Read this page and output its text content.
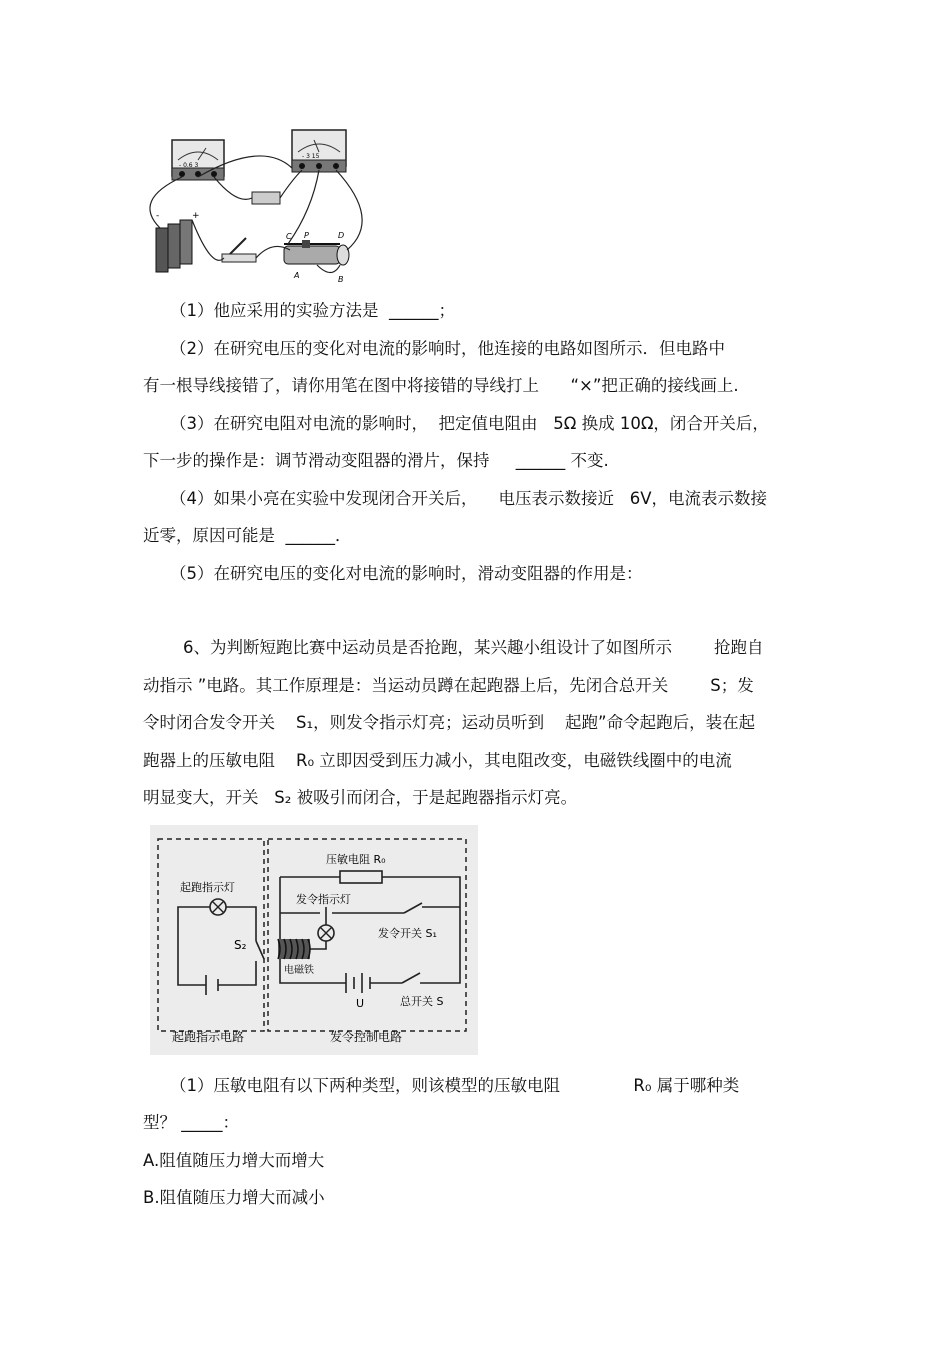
- 0.6 3
- 3 15
-	+
C P	D
A	B
（1）他应采用的实验方法是  ______；
（2）在研究电压的变化对电流的影响时，他连接的电路如图所示．但电路中
有一根导线接错了，请你用笔在图中将接错的导线打上      “×”把正确的接线画上.
（3）在研究电阻对电流的影响时，  把定值电阻由   5Ω 换成 10Ω，闭合开关后，
下一步的操作是：调节滑动变阻器的滑片，保持     ______ 不变.
（4）如果小亮在实验中发现闭合开关后，    电压表示数接近   6V，电流表示数接
近零，原因可能是  ______．
（5）在研究电压的变化对电流的影响时，滑动变阻器的作用是：
6、为判断短跑比赛中运动员是否抢跑，某兴趣小组设计了如图所示        抢跑自
动指示 ”电路。其工作原理是：当运动员蹲在起跑器上后，先闭合总开关        S；发
令时闭合发令开关    S₁，则发令指示灯亮；运动员听到    起跑”命令起跑后，装在起
跑器上的压敏电阻    R₀ 立即因受到压力减小，其电阻改变，电磁铁线圈中的电流
明显变大，开关   S₂ 被吸引而闭合，于是起跑器指示灯亮。
起跑指示灯
S₂
压敏电阻 R₀
发令指示灯
发令开关 S₁
电磁铁
U	总开关 S
起跑指示电路	发令控制电路
（1）压敏电阻有以下两种类型，则该模型的压敏电阻              R₀ 属于哪种类
型？ _____：
A.阻值随压力增大而增大
B.阻值随压力增大而减小
